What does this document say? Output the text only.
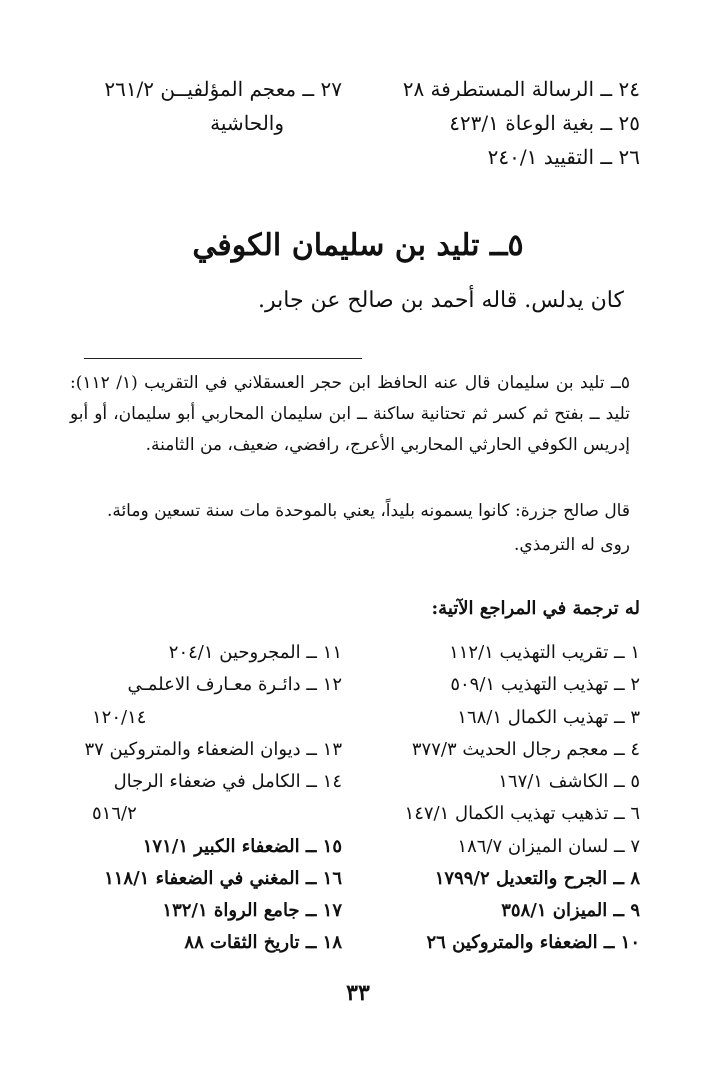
٢٤ ــ الرسالة المستطرفة ٢٨
٢٥ ــ بغية الوعاة ٤٢٣/١
٢٦ ــ التقييد ٢٤٠/١
٢٧ ــ معجم المؤلفيــن ٢٦١/٢
والحاشية
٥ــ تليد بن سليمان الكوفي
كان يدلس. قاله أحمد بن صالح عن جابر.
٥ــ تليد بن سليمان قال عنه الحافظ ابن حجر العسقلاني في التقريب (١/ ١١٢): تليد ــ بفتح ثم كسر ثم تحتانية ساكنة ــ ابن سليمان المحاربي أبو سليمان، أو أبو إدريس الكوفي الحارثي المحاربي الأعرج، رافضي، ضعيف، من الثامنة.
قال صالح جزرة: كانوا يسمونه بليداً، يعني بالموحدة مات سنة تسعين ومائة.
روى له الترمذي.
له ترجمة في المراجع الآتية:
١ ــ تقريب التهذيب ١١٢/١
٢ ــ تهذيب التهذيب ٥٠٩/١
٣ ــ تهذيب الكمال ١٦٨/١
٤ ــ معجم رجال الحديث ٣٧٧/٣
٥ ــ الكاشف ١٦٧/١
٦ ــ تذهيب تهذيب الكمال ١٤٧/١
٧ ــ لسان الميزان ١٨٦/٧
٨ ــ الجرح والتعديل ١٧٩٩/٢
٩ ــ الميزان ٣٥٨/١
١٠ ــ الضعفاء والمتروكين ٢٦
١١ ــ المجروحين ٢٠٤/١
١٢ ــ دائـرة معـارف الاعلمـي
١٢٠/١٤
١٣ ــ ديوان الضعفاء والمتروكين ٣٧
١٤ ــ الكامل في ضعفاء الرجال
٥١٦/٢
١٥ ــ الضعفاء الكبير ١٧١/١
١٦ ــ المغني في الضعفاء ١١٨/١
١٧ ــ جامع الرواة ١٣٢/١
١٨ ــ تاريخ الثقات ٨٨
٣٣
